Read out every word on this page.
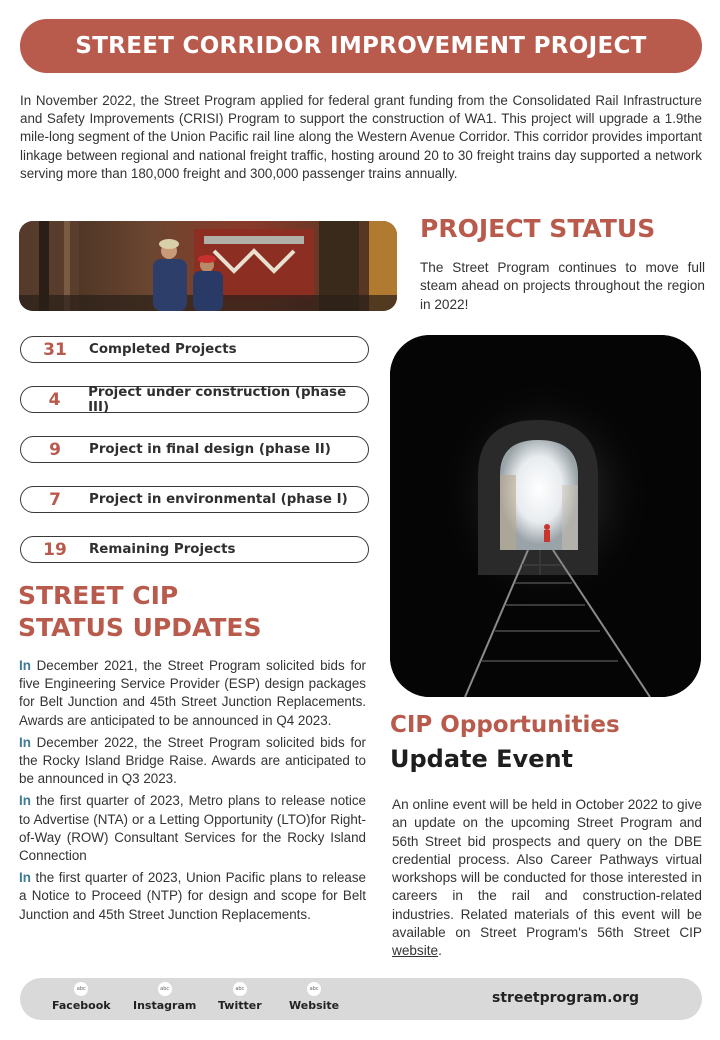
STREET CORRIDOR IMPROVEMENT PROJECT

In November 2022, the Street Program applied for federal grant funding from the Consolidated Rail Infrastructure and Safety Improvements (CRISI) Program to support the construction of WA1. This project will upgrade a 1.9the mile-long segment of the Union Pacific rail line along the Western Avenue Corridor. This corridor provides important linkage between regional and national freight traffic, hosting around 20 to 30 freight trains day supported a network serving more than 180,000 freight and 300,000 passenger trains annually.

PROJECT STATUS

The Street Program continues to move full steam ahead on projects throughout the region in 2022!

31	Completed Projects
4	Project under construction (phase III)
9	Project in final design (phase II)
7	Project in environmental (phase I)
19	Remaining Projects
STREET CIP
STATUS UPDATES

In December 2021, the Street Program solicited bids for five Engineering Service Provider (ESP) design packages for Belt Junction and 45th Street Junction Replacements. Awards are anticipated to be announced in Q4 2023.

In December 2022, the Street Program solicited bids for the Rocky Island Bridge Raise. Awards are anticipated to be announced in Q3 2023.

In the first quarter of 2023, Metro plans to release notice to Advertise (NTA) or a Letting Opportunity (LTO)for Right-of-Way (ROW) Consultant Services for the Rocky Island Connection

In the first quarter of 2023, Union Pacific plans to release a Notice to Proceed (NTP) for design and scope for Belt Junction and 45th Street Junction Replacements.

CIP Opportunities
Update Event

An online event will be held in October 2022 to give an update on the upcoming Street Program and 56th Street bid prospects and query on the DBE credential process. Also Career Pathways virtual workshops will be conducted for those interested in careers in the rail and construction-related industries. Related materials of this event will be available on Street Program's 56th Street CIP website.

abc
Facebook
abc
Instagram
abc
Twitter
abc
Website	streetprogram.org
